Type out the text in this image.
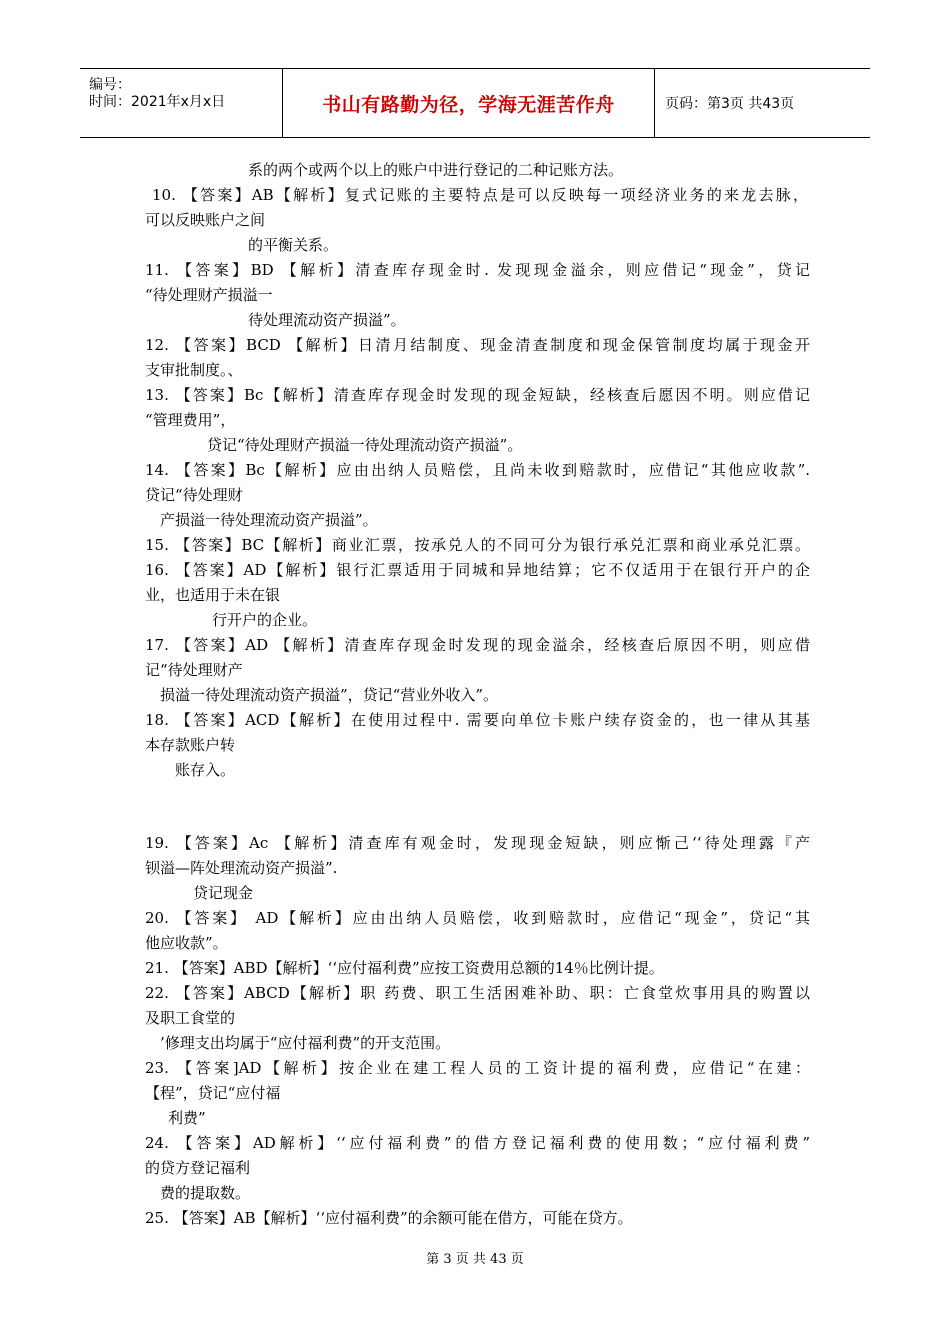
编号：
时间：2021年x月x日	书山有路勤为径，学海无涯苦作舟	页码：第3页 共43页
系的两个或两个以上的账户中进行登记的二种记账方法。
10. 【答案】AB【解析】复式记账的主要特点是可以反映每一项经济业务的来龙去脉，
可以反映账户之间
的平衡关系。
11. 【答案】BD 【解析】清查库存现金时. 发现现金溢余，则应借记“现金”，贷记
“待处理财产损溢一
待处理流动资产损溢”。
12. 【答案】BCD 【解析】日清月结制度、现金清查制度和现金保管制度均属于现金开
支审批制度。、
13. 【答案】Bc【解析】清查库存现金时发现的现金短缺，经核查后愿因不明。则应借记
“管理费用”，
贷记“待处理财产损溢一待处理流动资产损溢”。
14. 【答案】Bc【解析】应由出纳人员赔偿，且尚未收到赔款时，应借记“其他应收款”.
贷记“待处理财
产损溢一待处理流动资产损溢”。
15. 【答案】BC【解析】商业汇票，按承兑人的不同可分为银行承兑汇票和商业承兑汇票。
16. 【答案】AD【解析】银行汇票适用于同城和异地结算；它不仅适用于在银行开户的企
业，也适用于未在银
行开户的企业。
17. 【答案】AD 【解析】清查库存现金时发现的现金溢余，经核查后原因不明，则应借
记“待处理财产
损溢一待处理流动资产损溢”，贷记“营业外收入”。
18. 【答案】ACD【解析】在使用过程中. 需要向单位卡账户续存资金的，也一律从其基
本存款账户转
账存入。
19. 【答案】Ac 【解析】清查库有观金时，发现现金短缺，则应惭己‘‘待处理露『产
钡溢—阵处理流动资产损溢”.
贷记现金
20. 【答案】 AD【解析】应由出纳人员赔偿，收到赔款时，应借记“现金”，贷记“其
他应收款”。
21. 【答案】ABD【解析】‘‘应付福利费”应按工资费用总额的14％比例计提。
22. 【答案】ABCD【解析】职 药费、职工生活困难补助、职：亡食堂炊事用具的购置以
及职工食堂的
’修理支出均属于“应付福利费”的开支范围。
23. 【答案]AD【解析】按企业在建工程人员的工资计提的福利费，应借记“在建：
【程”，贷记“应付福
利费”
24. 【答案】AD解析】‘‘应付福利费”的借方登记福利费的使用数；“应付福利费”
的贷方登记福利
费的提取数。
25. 【答案】AB【解析】‘‘应付福利费”的余额可能在借方，可能在贷方。
第 3 页 共 43 页
